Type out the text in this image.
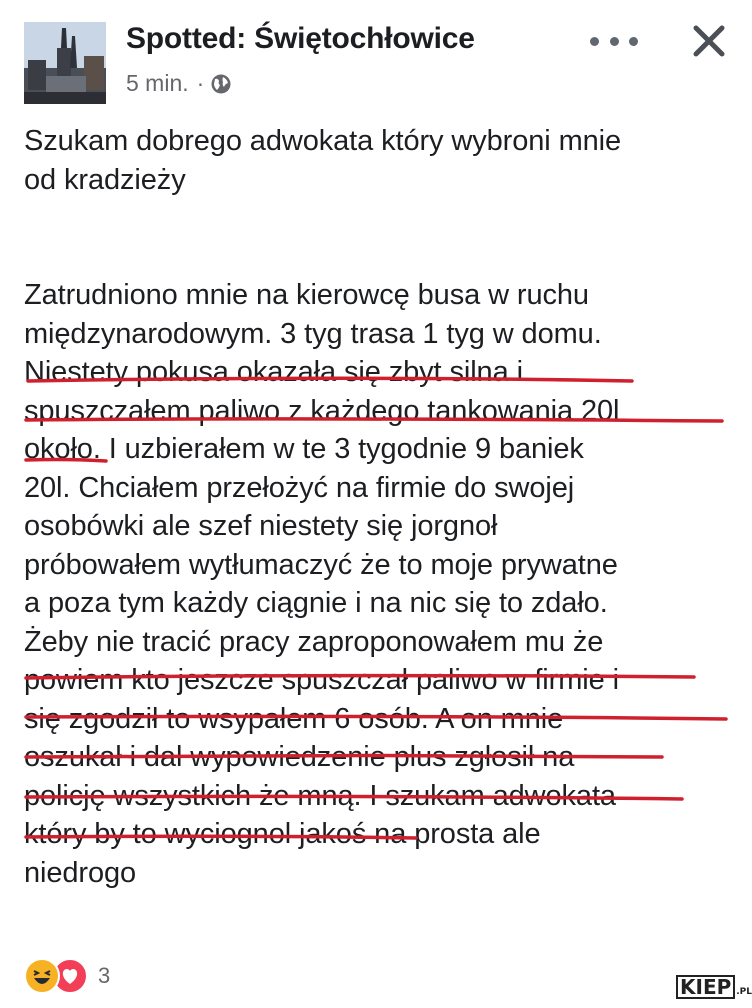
Spotted: Świętochłowice
5 min. ·
Szukam dobrego adwokata który wybroni mnie
od kradzieży
Zatrudniono mnie na kierowcę busa w ruchu
międzynarodowym. 3 tyg trasa 1 tyg w domu.
Niestety pokusa okazała się zbyt silna i
spuszczałem paliwo z każdego tankowania 20l
około. I uzbierałem w te 3 tygodnie 9 baniek
20l. Chciałem przełożyć na firmie do swojej
osobówki ale szef niestety się jorgnoł
próbowałem wytłumaczyć że to moje prywatne
a poza tym każdy ciągnie i na nic się to zdało.
Żeby nie tracić pracy zaproponowałem mu że
powiem kto jeszcze spuszczał paliwo w firmie i
się zgodził to wsypałem 6 osób. A on mnie
oszukał i dal wypowiedzenie plus zgłosił na
policję wszystkich że mną. I szukam adwokata
który by to wyciognol jakoś na prosta ale
niedrogo
3	KIEP .PL
